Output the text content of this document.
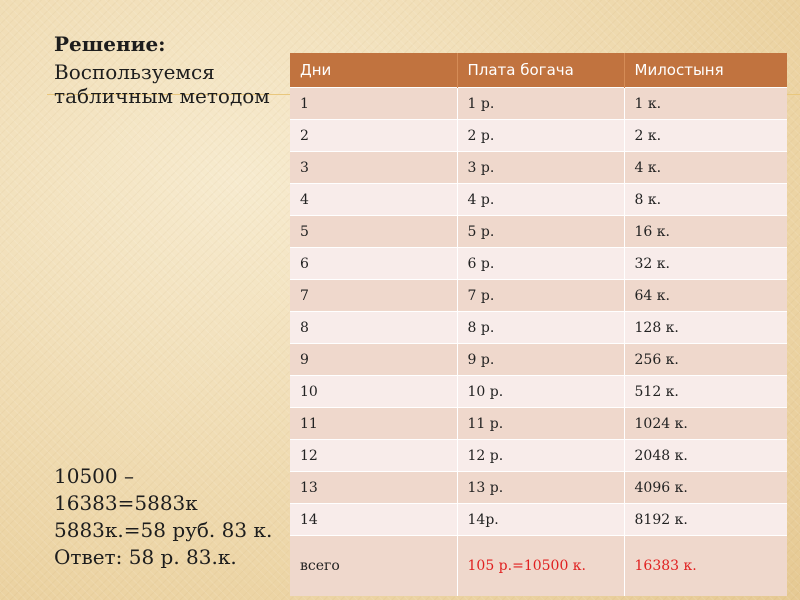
Решение:

Воспользуемся табличным методом

Дни	Плата богача	Милостыня
1	1 р.	1 к.
2	2 р.	2 к.
3	3 р.	4 к.
4	4 р.	8 к.
5	5 р.	16 к.
6	6 р.	32 к.
7	7 р.	64 к.
8	8 р.	128 к.
9	9 р.	256 к.
10	10 р.	512 к.
11	11 р.	1024 к.
12	12 р.	2048 к.
13	13 р.	4096 к.
14	14р.	8192 к.
всего	105 р.=10500 к.	16383 к.
10500 –
16383=5883к
5883к.=58 руб. 83 к.
Ответ: 58 р. 83.к.
